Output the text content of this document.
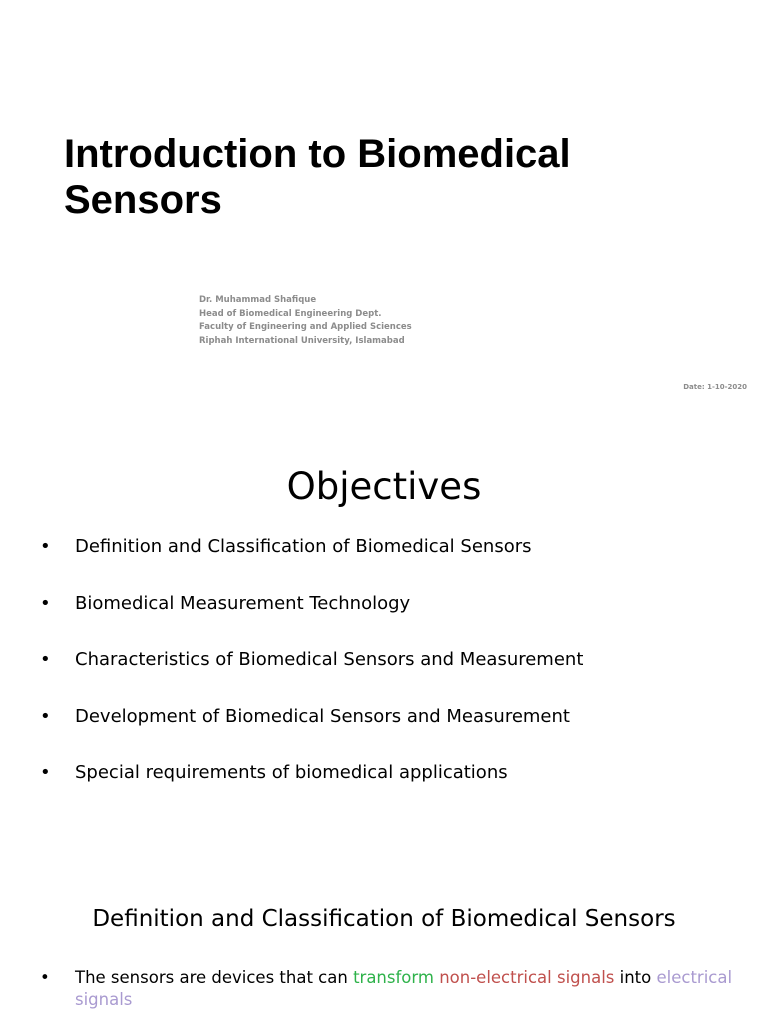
Introduction to Biomedical Sensors
Dr. Muhammad Shafique
Head of Biomedical Engineering Dept.
Faculty of Engineering and Applied Sciences
Riphah International University, Islamabad
Date: 1-10-2020
Objectives
•	Definition and Classification of Biomedical Sensors
•	Biomedical Measurement Technology
•	Characteristics of Biomedical Sensors and Measurement
•	Development of Biomedical Sensors and Measurement
•	Special requirements of biomedical applications
Definition and Classification of Biomedical Sensors
• The sensors are devices that can transform non-electrical signals into electrical signals
